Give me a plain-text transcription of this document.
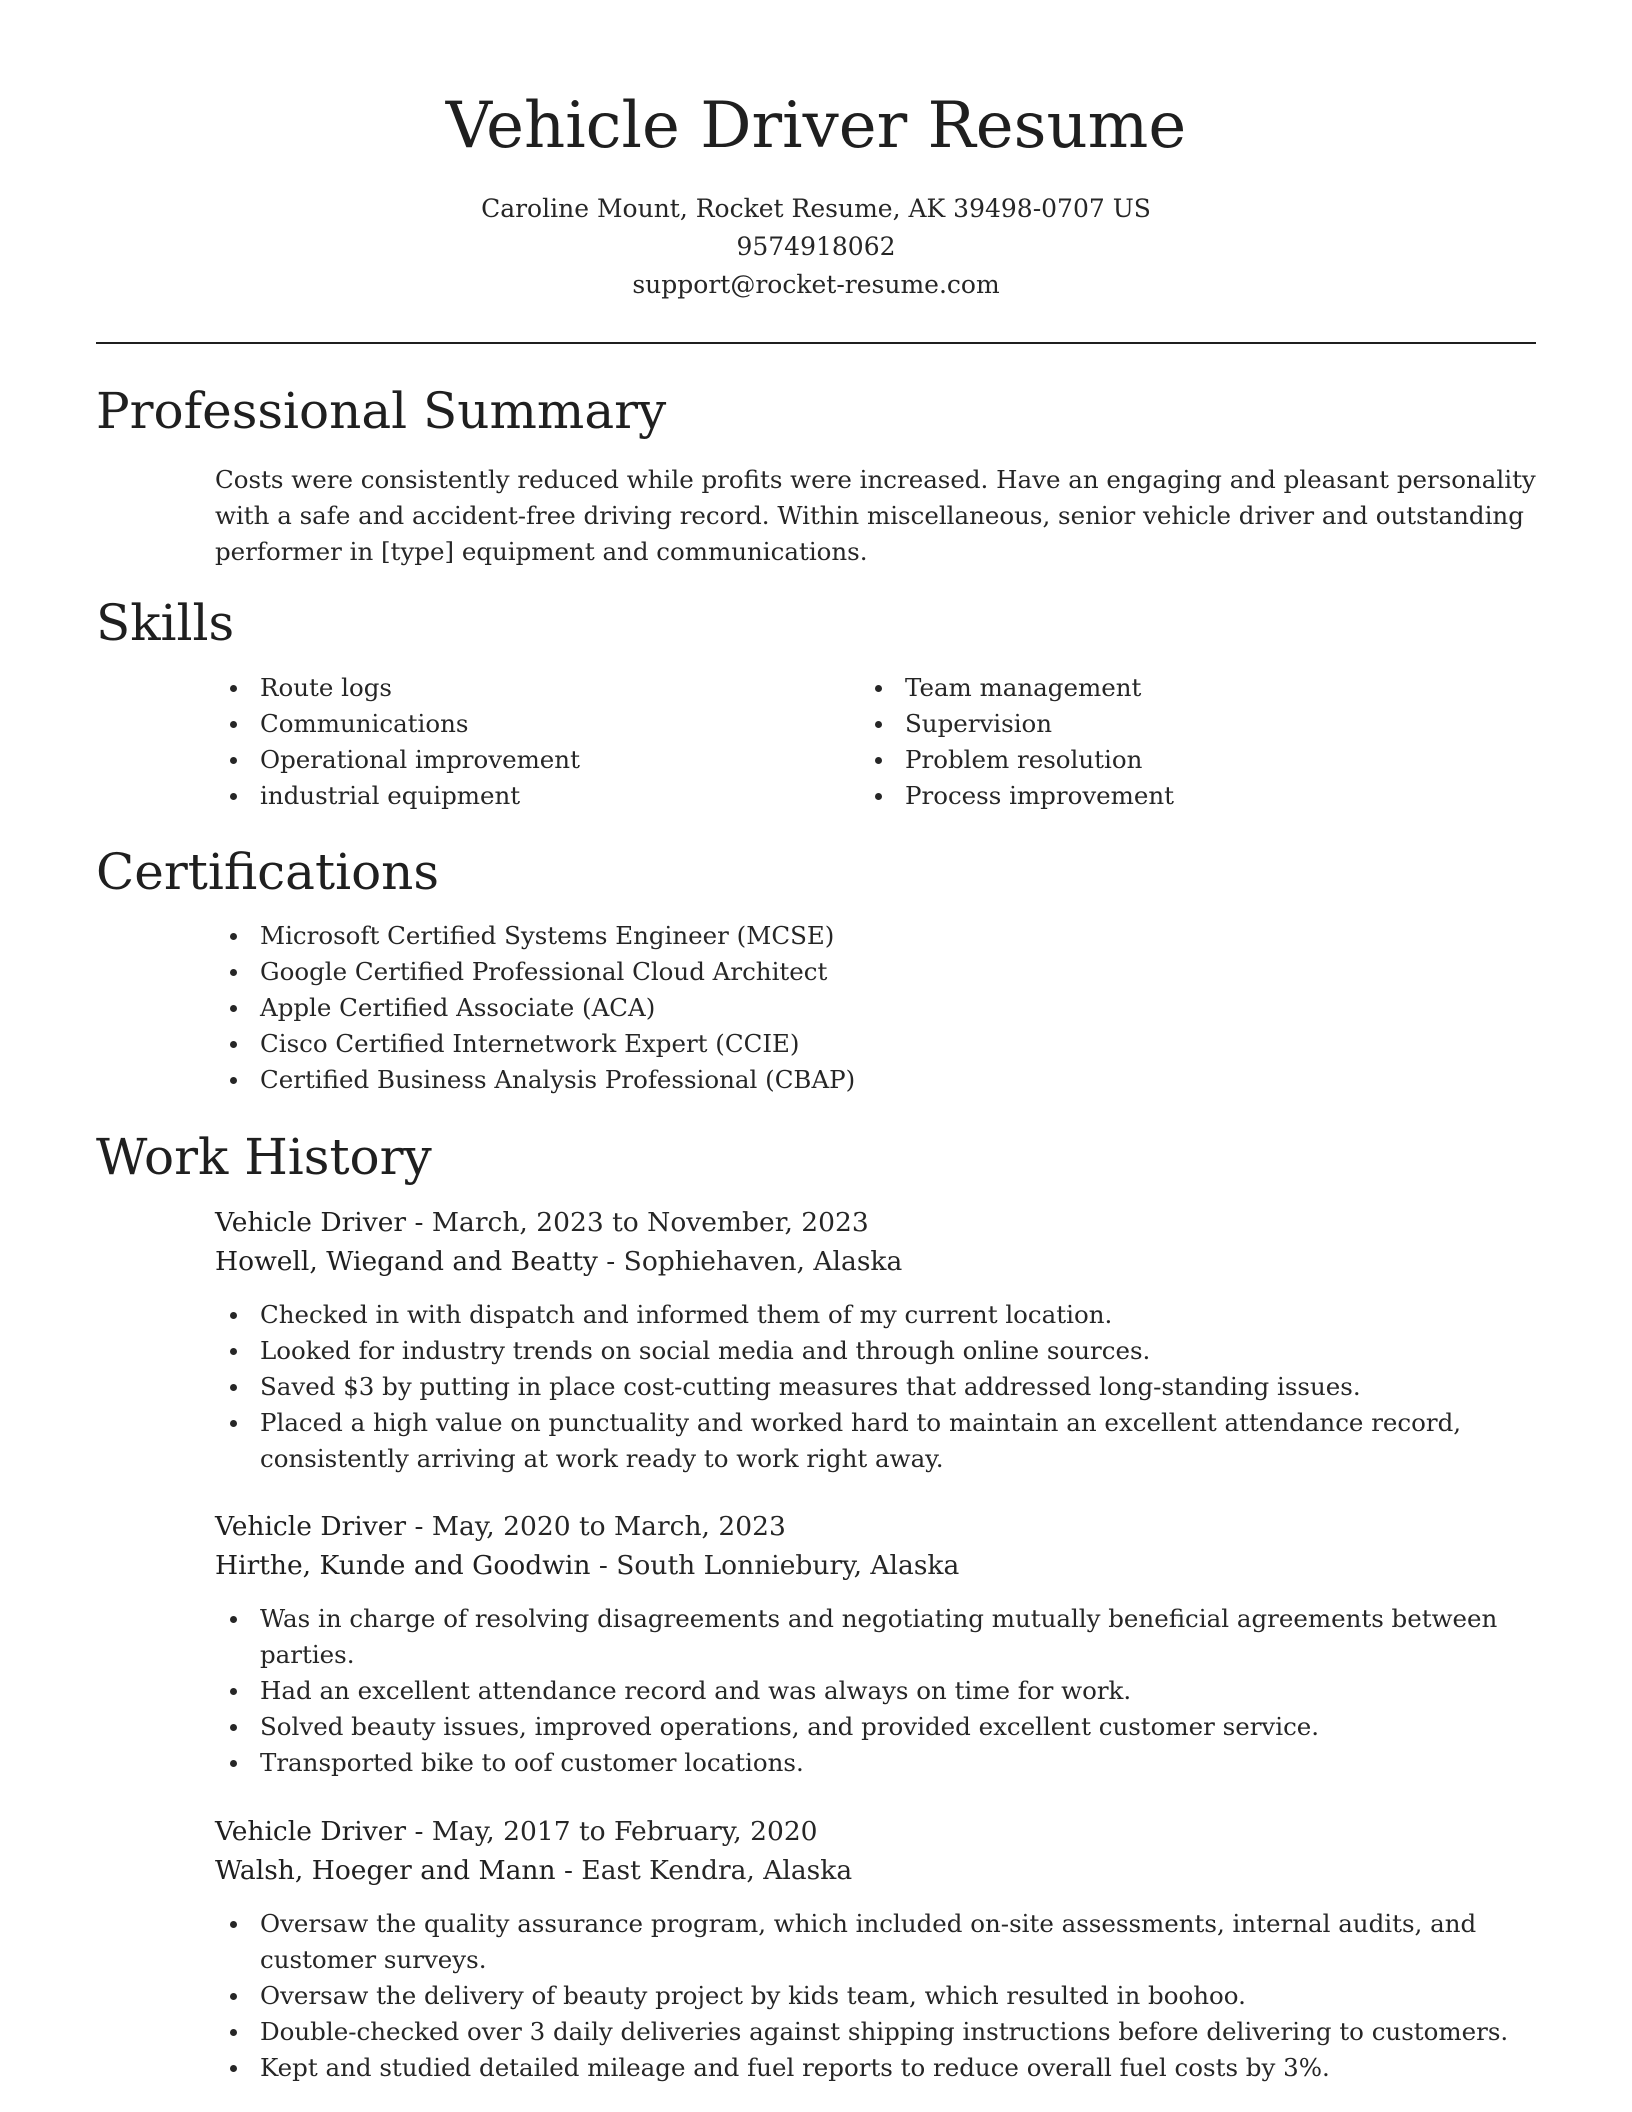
Vehicle Driver Resume
Caroline Mount, Rocket Resume, AK 39498-0707 US
9574918062
support@rocket-resume.com
Professional Summary

Costs were consistently reduced while profits were increased. Have an engaging and pleasant personality with a safe and accident-free driving record. Within miscellaneous, senior vehicle driver and outstanding performer in [type] equipment and communications.

Skills
Route logs
Communications
Operational improvement
industrial equipment
Team management
Supervision
Problem resolution
Process improvement
Certifications
Microsoft Certified Systems Engineer (MCSE)
Google Certified Professional Cloud Architect
Apple Certified Associate (ACA)
Cisco Certified Internetwork Expert (CCIE)
Certified Business Analysis Professional (CBAP)
Work History
Vehicle Driver - March, 2023 to November, 2023
Howell, Wiegand and Beatty - Sophiehaven, Alaska
Checked in with dispatch and informed them of my current location.
Looked for industry trends on social media and through online sources.
Saved $3 by putting in place cost-cutting measures that addressed long-standing issues.
Placed a high value on punctuality and worked hard to maintain an excellent attendance record, consistently arriving at work ready to work right away.
Vehicle Driver - May, 2020 to March, 2023
Hirthe, Kunde and Goodwin - South Lonniebury, Alaska
Was in charge of resolving disagreements and negotiating mutually beneficial agreements between parties.
Had an excellent attendance record and was always on time for work.
Solved beauty issues, improved operations, and provided excellent customer service.
Transported bike to oof customer locations.
Vehicle Driver - May, 2017 to February, 2020
Walsh, Hoeger and Mann - East Kendra, Alaska
Oversaw the quality assurance program, which included on-site assessments, internal audits, and customer surveys.
Oversaw the delivery of beauty project by kids team, which resulted in boohoo.
Double-checked over 3 daily deliveries against shipping instructions before delivering to customers.
Kept and studied detailed mileage and fuel reports to reduce overall fuel costs by 3%.
